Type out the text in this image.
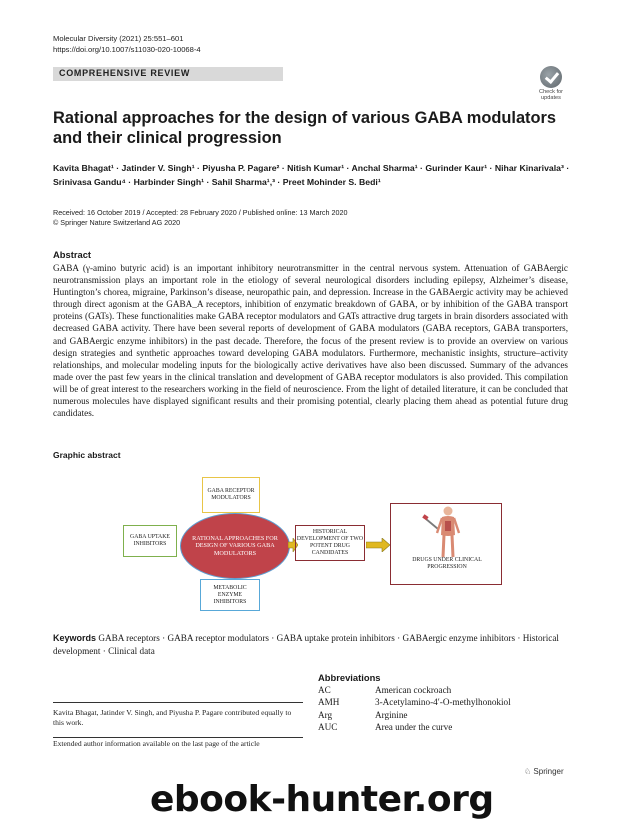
Molecular Diversity (2021) 25:551–601
https://doi.org/10.1007/s11030-020-10068-4
COMPREHENSIVE REVIEW
Check for updates
Rational approaches for the design of various GABA modulators and their clinical progression
Kavita Bhagat¹ · Jatinder V. Singh¹ · Piyusha P. Pagare² · Nitish Kumar¹ · Anchal Sharma¹ · Gurinder Kaur¹ · Nihar Kinarivala³ · Srinivasa Gandu⁴ · Harbinder Singh¹ · Sahil Sharma¹,³ · Preet Mohinder S. Bedi¹
Received: 16 October 2019 / Accepted: 28 February 2020 / Published online: 13 March 2020
© Springer Nature Switzerland AG 2020
Abstract

GABA (γ-amino butyric acid) is an important inhibitory neurotransmitter in the central nervous system. Attenuation of GABAergic neurotransmission plays an important role in the etiology of several neurological disorders including epilepsy, Alzheimer’s disease, Huntington’s chorea, migraine, Parkinson’s disease, neuropathic pain, and depression. Increase in the GABAergic activity may be achieved through direct agonism at the GABA_A receptors, inhibition of enzymatic breakdown of GABA, or by inhibition of the GABA transport proteins (GATs). These functionalities make GABA receptor modulators and GATs attractive drug targets in brain disorders associated with decreased GABA activity. There have been several reports of development of GABA modulators (GABA receptors, GABA transporters, and GABAergic enzyme inhibitors) in the past decade. Therefore, the focus of the present review is to provide an overview on various design strategies and synthetic approaches toward developing GABA modulators. Furthermore, mechanistic insights, structure–activity relationships, and molecular modeling inputs for the biologically active derivatives have also been discussed. Summary of the advances made over the past few years in the clinical translation and development of GABA receptor modulators is also provided. This compilation will be of great interest to the researchers working in the field of neuroscience. From the light of detailed literature, it can be concluded that numerous molecules have displayed significant results and their promising potential, clearly placing them ahead as potential future drug candidates.

Graphic abstract
GABA RECEPTOR MODULATORS
GABA UPTAKE INHIBITORS
RATIONAL APPROACHES FOR DESIGN OF VARIOUS GABA MODULATORS
METABOLIC ENZYME INHIBITORS
HISTORICAL DEVELOPMENT OF TWO POTENT DRUG CANDIDATES
DRUGS UNDER CLINICAL PROGRESSION
Keywords GABA receptors · GABA receptor modulators · GABA uptake protein inhibitors · GABAergic enzyme inhibitors · Historical development · Clinical data
Abbreviations
AC	American cockroach
AMH	3-Acetylamino-4′-O-methylhonokiol
Arg	Arginine
AUC	Area under the curve
Kavita Bhagat, Jatinder V. Singh, and Piyusha P. Pagare contributed equally to this work.
Extended author information available on the last page of the article
♘ Springer
ebook-hunter.org
